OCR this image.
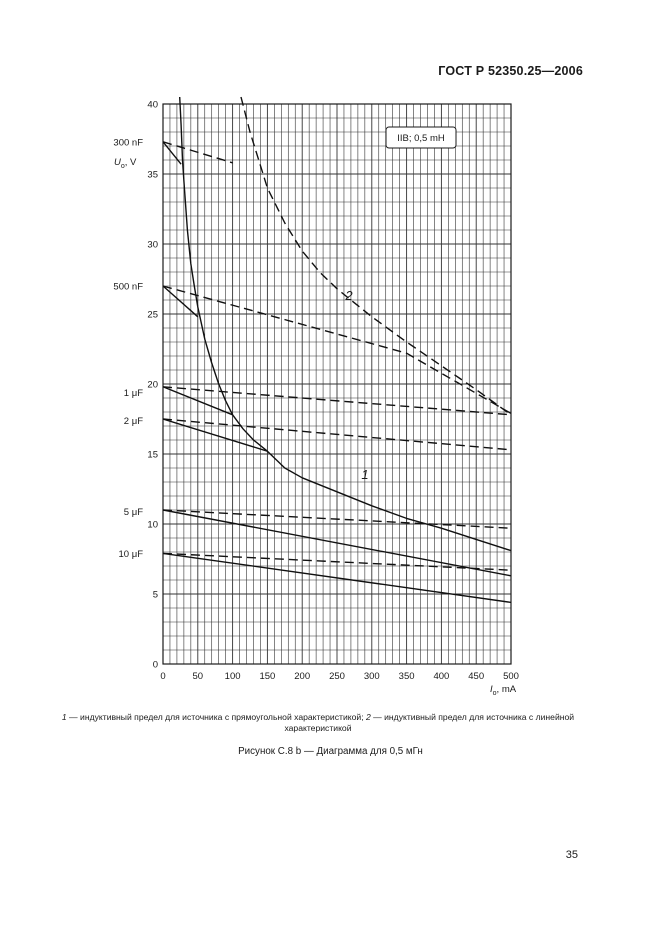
ГОСТ Р 52350.25—2006
0	50 100 150 200 250 300 350 400 450 500
0
5
10
15
20
25
30
35
40
$U_o$, V
$I_o$, mA
300 nF
500 nF
1 μF
2 μF
5 μF
10 μF
IIB; 0,5 mH
1
2
1 — индуктивный предел для источника с прямоугольной характеристикой; 2 — индуктивный предел для источника с линейной характеристикой
Рисунок С.8 b — Диаграмма для 0,5 мГн
35
